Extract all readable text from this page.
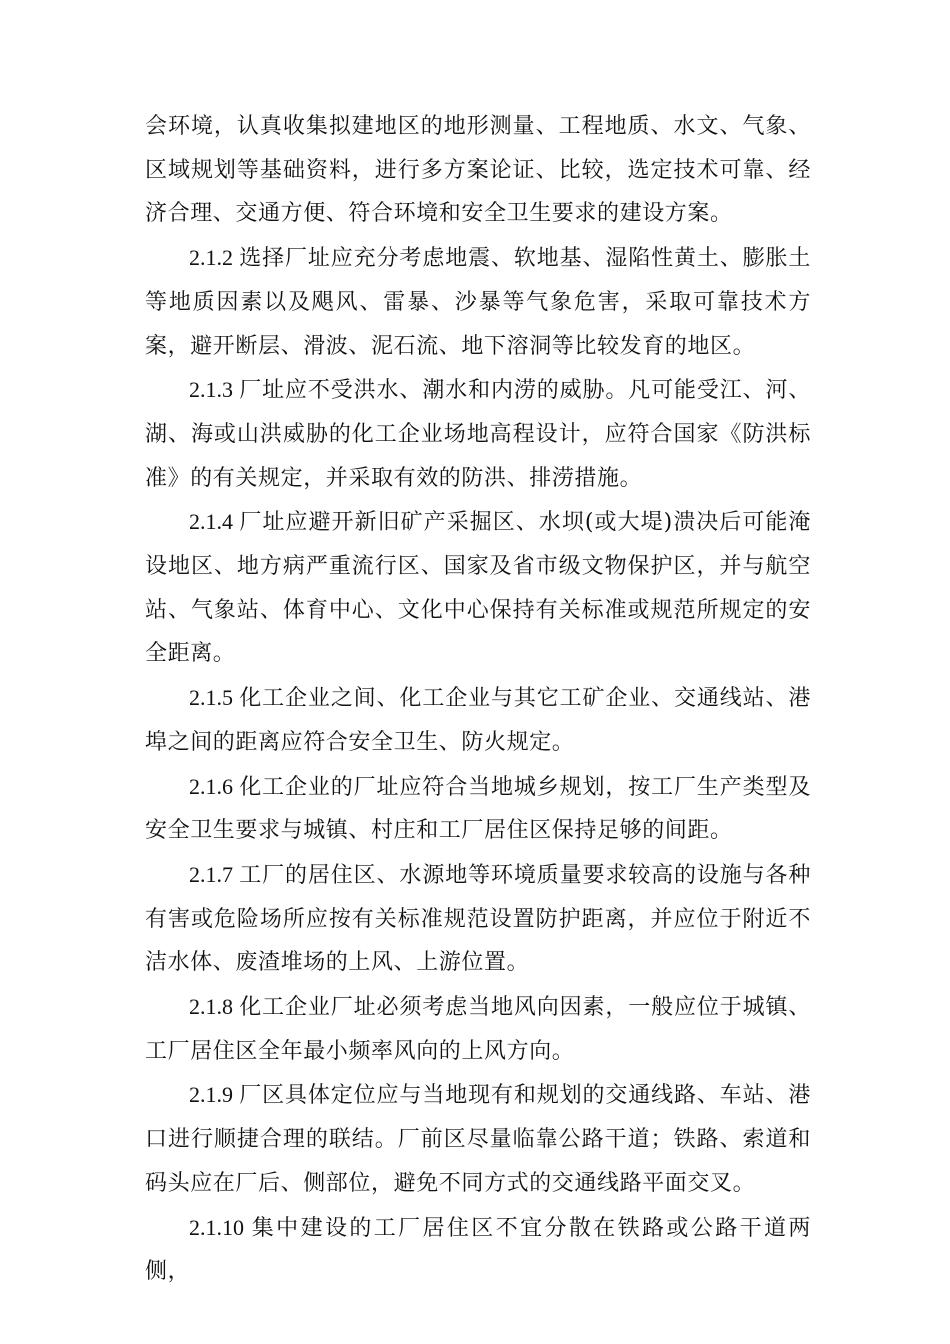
会环境，认真收集拟建地区的地形测量、工程地质、水文、气象、区域规划等基础资料，进行多方案论证、比较，选定技术可靠、经济合理、交通方便、符合环境和安全卫生要求的建设方案。

2.1.2 选择厂址应充分考虑地震、软地基、湿陷性黄土、膨胀土等地质因素以及飓风、雷暴、沙暴等气象危害，采取可靠技术方案，避开断层、滑波、泥石流、地下溶洞等比较发育的地区。

2.1.3 厂址应不受洪水、潮水和内涝的威胁。凡可能受江、河、湖、海或山洪威胁的化工企业场地高程设计，应符合国家《防洪标准》的有关规定，并采取有效的防洪、排涝措施。

2.1.4 厂址应避开新旧矿产采掘区、水坝(或大堤)溃决后可能淹设地区、地方病严重流行区、国家及省市级文物保护区，并与航空站、气象站、体育中心、文化中心保持有关标准或规范所规定的安全距离。

2.1.5 化工企业之间、化工企业与其它工矿企业、交通线站、港埠之间的距离应符合安全卫生、防火规定。

2.1.6 化工企业的厂址应符合当地城乡规划，按工厂生产类型及安全卫生要求与城镇、村庄和工厂居住区保持足够的间距。

2.1.7 工厂的居住区、水源地等环境质量要求较高的设施与各种有害或危险场所应按有关标准规范设置防护距离，并应位于附近不洁水体、废渣堆场的上风、上游位置。

2.1.8 化工企业厂址必须考虑当地风向因素，一般应位于城镇、工厂居住区全年最小频率风向的上风方向。

2.1.9 厂区具体定位应与当地现有和规划的交通线路、车站、港口进行顺捷合理的联结。厂前区尽量临靠公路干道；铁路、索道和码头应在厂后、侧部位，避免不同方式的交通线路平面交叉。

2.1.10 集中建设的工厂居住区不宜分散在铁路或公路干道两侧，
